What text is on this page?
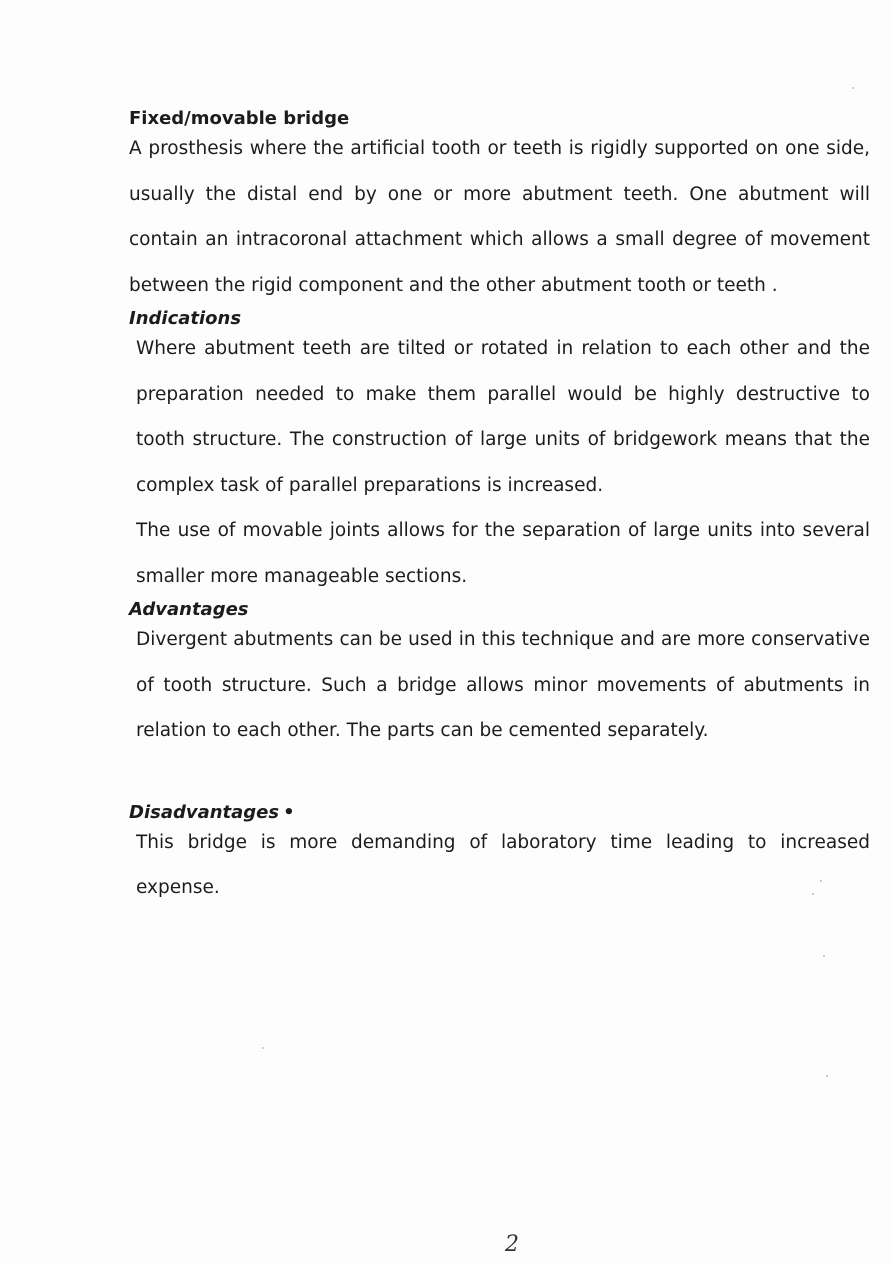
Fixed/movable bridge

A prosthesis where the artificial tooth or teeth is rigidly supported on one side, usually the distal end by one or more abutment teeth. One abutment will contain an intracoronal attachment which allows a small degree of movement between the rigid component and the other abutment tooth or teeth .

Indications

Where abutment teeth are tilted or rotated in relation to each other and the preparation needed to make them parallel would be highly destructive to tooth structure. The construction of large units of bridgework means that the complex task of parallel preparations is increased.

The use of movable joints allows for the separation of large units into several smaller more manageable sections.

Advantages

Divergent abutments can be used in this technique and are more conservative of tooth structure. Such a bridge allows minor movements of abutments in relation to each other. The parts can be cemented separately.

Disadvantages •

This bridge is more demanding of laboratory time leading to increased expense.

2
